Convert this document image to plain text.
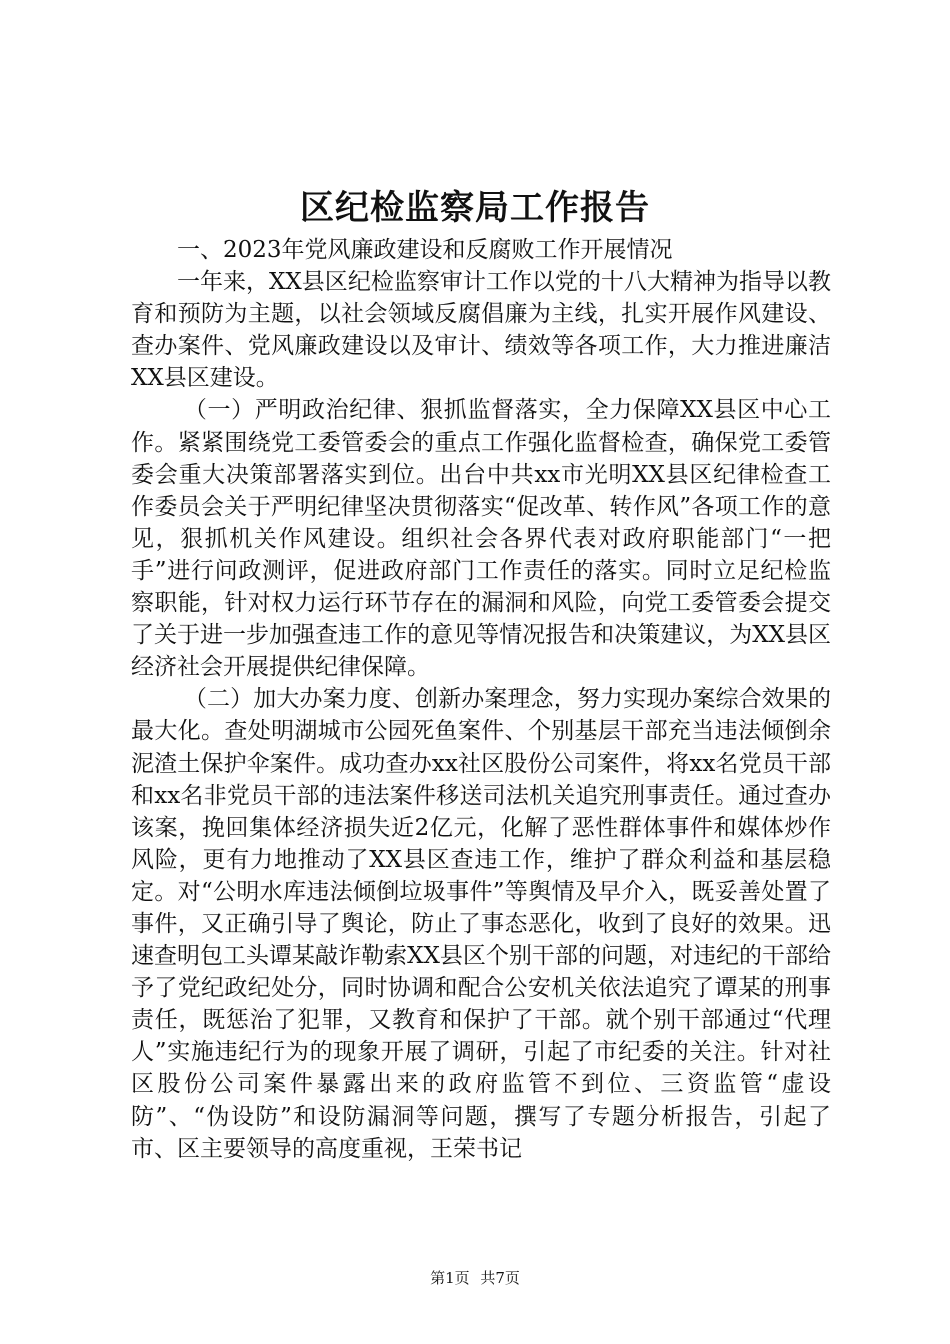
区纪检监察局工作报告

一、2023年党风廉政建设和反腐败工作开展情况

一年来，XX县区纪检监察审计工作以党的十八大精神为指导以教育和预防为主题，以社会领域反腐倡廉为主线，扎实开展作风建设、查办案件、党风廉政建设以及审计、绩效等各项工作，大力推进廉洁XX县区建设。

（一）严明政治纪律、狠抓监督落实，全力保障XX县区中心工作。紧紧围绕党工委管委会的重点工作强化监督检查，确保党工委管委会重大决策部署落实到位。出台中共xx市光明XX县区纪律检查工作委员会关于严明纪律坚决贯彻落实“促改革、转作风”各项工作的意见，狠抓机关作风建设。组织社会各界代表对政府职能部门“一把手”进行问政测评，促进政府部门工作责任的落实。同时立足纪检监察职能，针对权力运行环节存在的漏洞和风险，向党工委管委会提交了关于进一步加强查违工作的意见等情况报告和决策建议，为XX县区经济社会开展提供纪律保障。

（二）加大办案力度、创新办案理念，努力实现办案综合效果的最大化。查处明湖城市公园死鱼案件、个别基层干部充当违法倾倒余泥渣土保护伞案件。成功查办xx社区股份公司案件，将xx名党员干部和xx名非党员干部的违法案件移送司法机关追究刑事责任。通过查办该案，挽回集体经济损失近2亿元，化解了恶性群体事件和媒体炒作风险，更有力地推动了XX县区查违工作，维护了群众利益和基层稳定。对“公明水库违法倾倒垃圾事件”等舆情及早介入，既妥善处置了事件，又正确引导了舆论，防止了事态恶化，收到了良好的效果。迅速查明包工头谭某敲诈勒索XX县区个别干部的问题，对违纪的干部给予了党纪政纪处分，同时协调和配合公安机关依法追究了谭某的刑事责任，既惩治了犯罪，又教育和保护了干部。就个别干部通过“代理人”实施违纪行为的现象开展了调研，引起了市纪委的关注。针对社区股份公司案件暴露出来的政府监管不到位、三资监管“虚设防”、“伪设防”和设防漏洞等问题，撰写了专题分析报告，引起了市、区主要领导的高度重视，王荣书记

第1页 共7页
